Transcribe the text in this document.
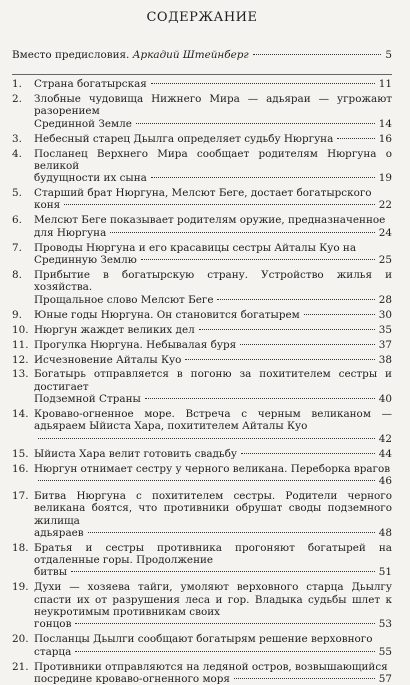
СОДЕРЖАНИЕ
Вместо предисловия. Аркадий Штейнберг	5
1.	Страна богатырская	11
2.	Злобные чудовища Нижнего Мира — адьяраи — угрожают разорением
Срединной Земле	14
3.	Небесный старец Дьылга определяет судьбу Нюргуна	16
4.	Посланец Верхнего Мира сообщает родителям Нюргуна о великой
будущности их сына	19
5.	Старший брат Нюргуна, Мелсют Беге, достает богатырского
коня	22
6.	Мелсют Беге показывает родителям оружие, предназначенное
для Нюргуна	24
7.	Проводы Нюргуна и его красавицы сестры Айталы Куо на
Срединную Землю	25
8.	Прибытие в богатырскую страну. Устройство жилья и хозяйства.
Прощальное слово Мелсют Беге	28
9.	Юные годы Нюргуна. Он становится богатырем	30
10. Нюргун жаждет великих дел	35
11. Прогулка Нюргуна. Небывалая буря	37
12. Исчезновение Айталы Куо	38
13. Богатырь отправляется в погоню за похитителем сестры и достигает
Подземной Страны	40
14. Кроваво-огненное море. Встреча с черным великаном — адьяраем Ыйиста Хара, похитителем Айталы Куо
42
15. Ыйиста Хара велит готовить свадьбу	44
16. Нюргун отнимает сестру у черного великана. Переборка врагов
46
17. Битва Нюргуна с похитителем сестры. Родители черного великана боятся, что противники обрушат своды подземного жилища
адьяраев	48
18. Братья и сестры противника прогоняют богатырей на отдаленные горы. Продолжение
битвы	51
19. Духи — хозяева тайги, умоляют верховного старца Дьылгу спасти их от разрушения леса и гор. Владыка судьбы шлет к неукротимым противникам своих
гонцов	53
20. Посланцы Дьылги сообщают богатырям решение верховного
старца	55
21. Противники отправляются на ледяной остров, возвышающийся
посредине кроваво-огненного моря	57
